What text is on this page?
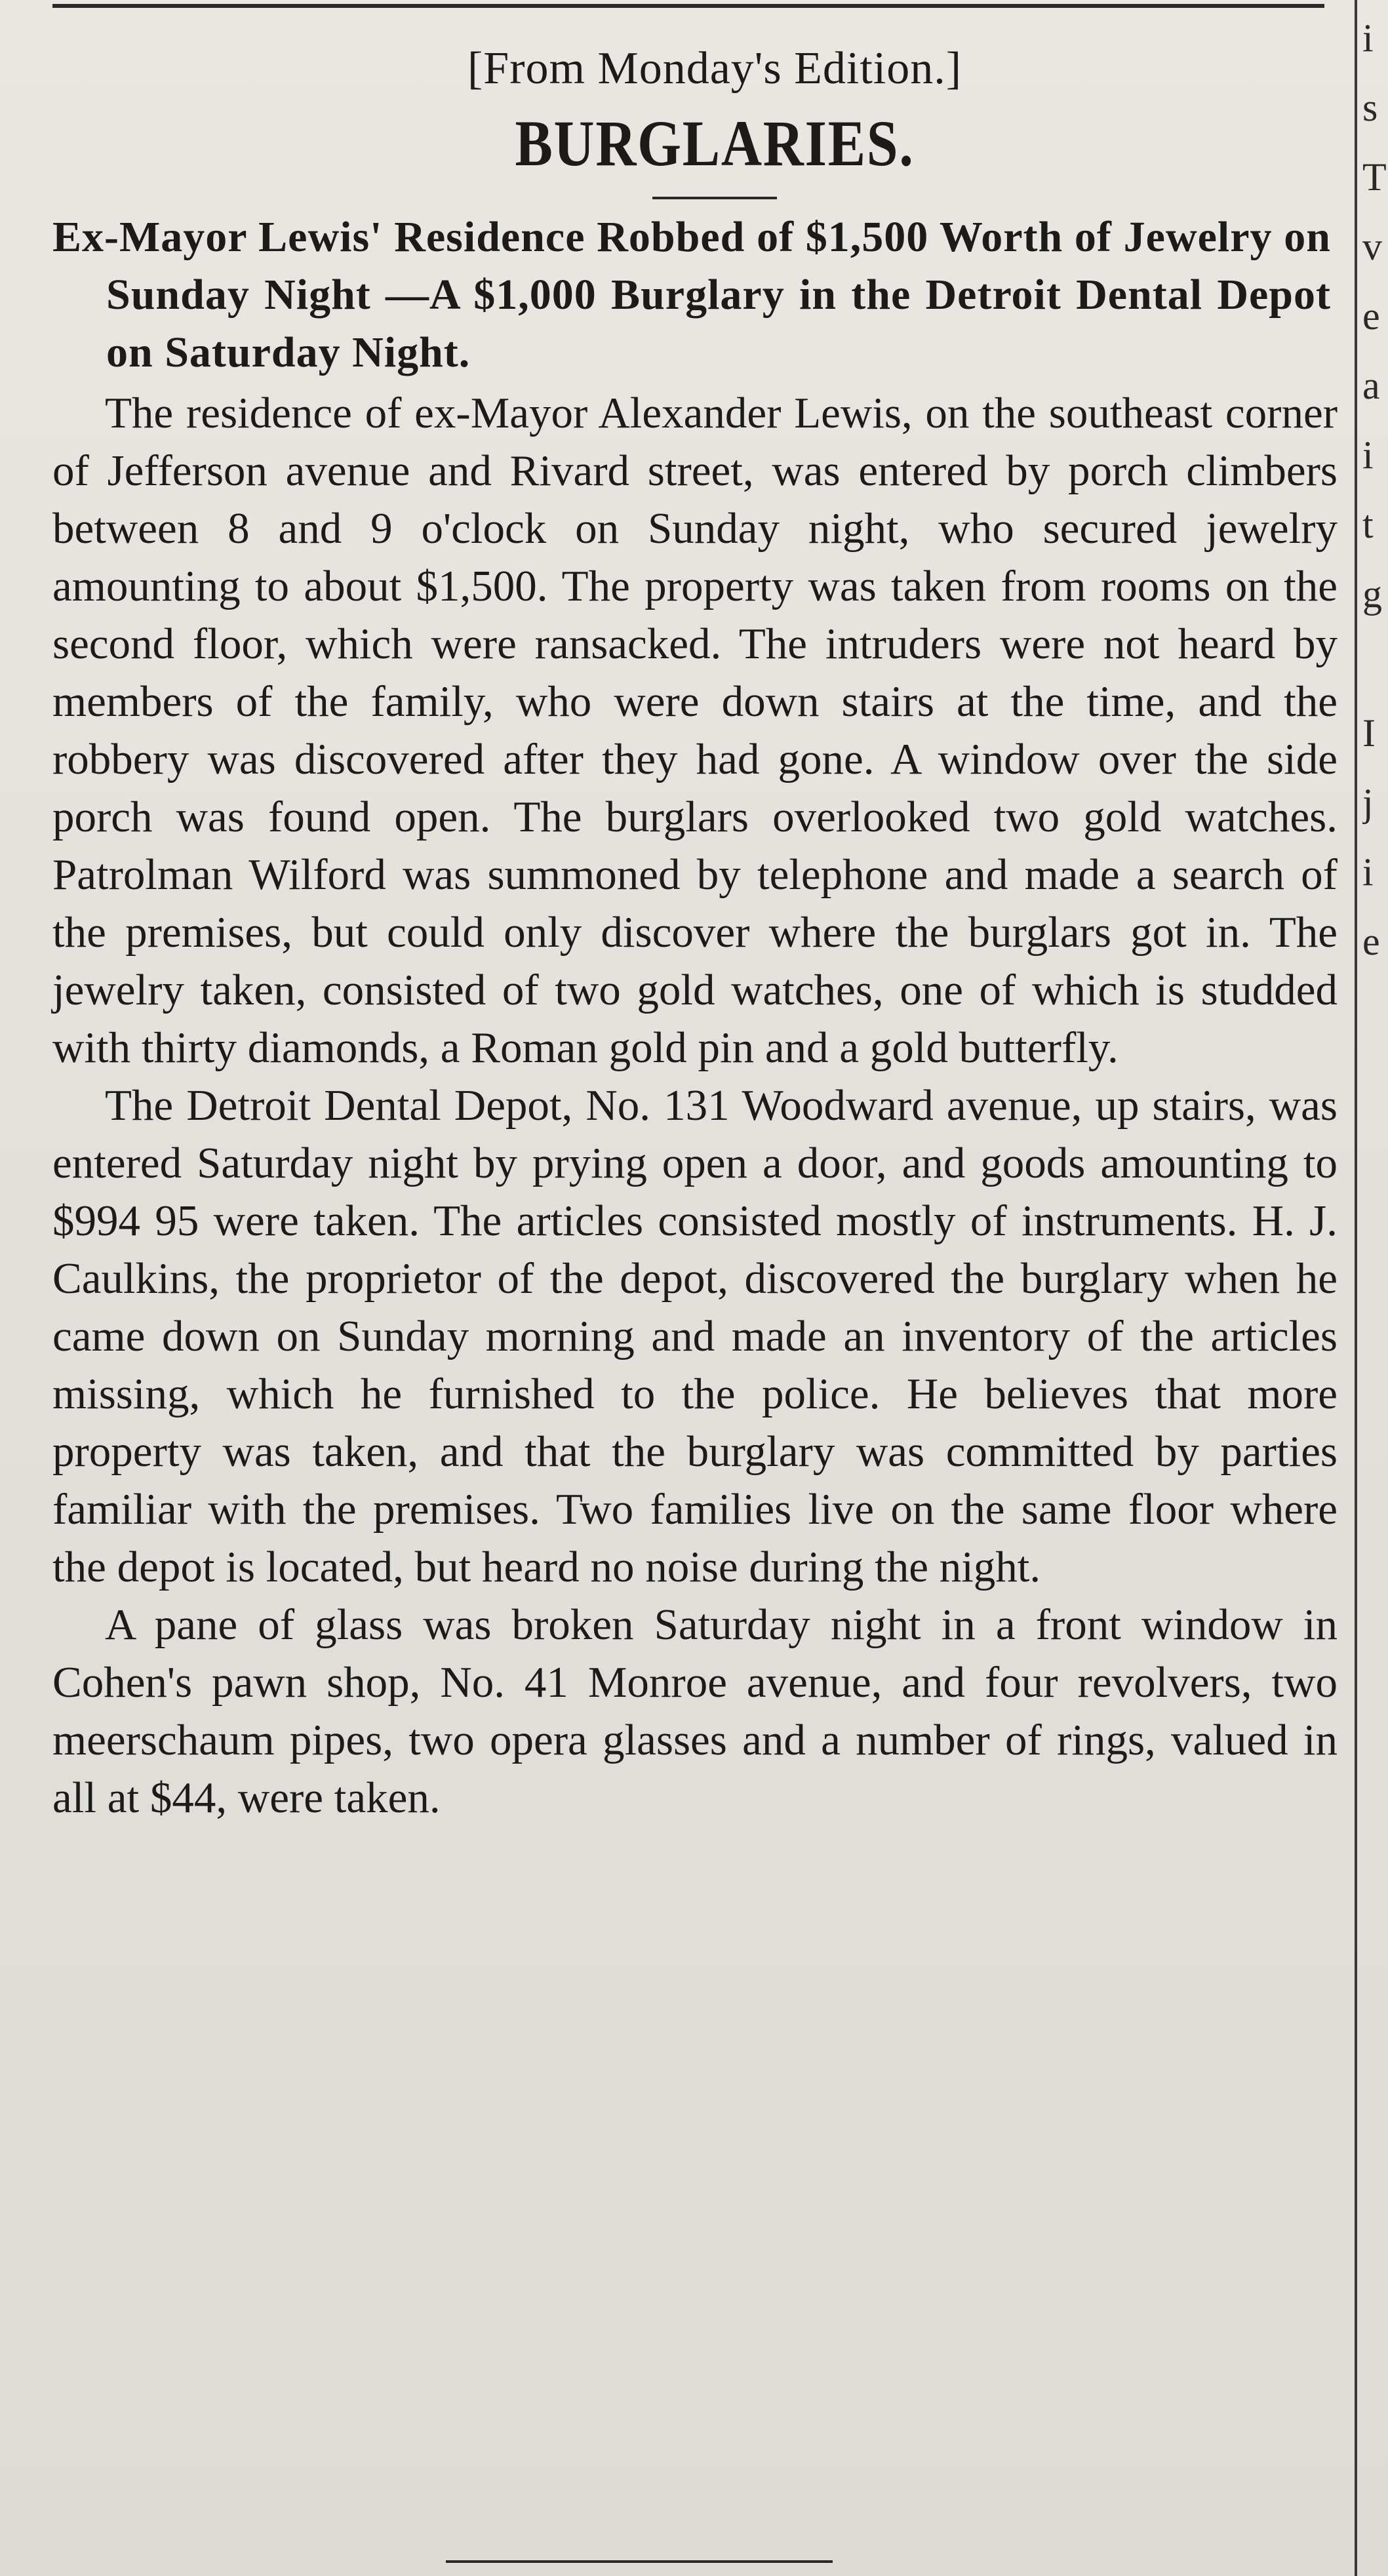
i
s
T
v
e
a
i
t
g
I
j
i
e
[From Monday's Edition.]
BURGLARIES.
Ex-Mayor Lewis' Residence Robbed of $1,500 Worth of Jewelry on Sunday Night —A $1,000 Burglary in the Detroit Dental Depot on Saturday Night.

The residence of ex-Mayor Alexander Lewis, on the southeast corner of Jefferson avenue and Rivard street, was entered by porch climbers between 8 and 9 o'clock on Sunday night, who secured jewelry amounting to about $1,500. The property was taken from rooms on the second floor, which were ransacked. The intruders were not heard by members of the family, who were down stairs at the time, and the robbery was discovered after they had gone. A window over the side porch was found open. The burglars overlooked two gold watches. Patrolman Wilford was summoned by telephone and made a search of the premises, but could only discover where the burglars got in. The jewelry taken, consisted of two gold watches, one of which is studded with thirty diamonds, a Roman gold pin and a gold butterfly.

The Detroit Dental Depot, No. 131 Woodward avenue, up stairs, was entered Saturday night by prying open a door, and goods amounting to $994 95 were taken. The articles consisted mostly of instruments. H. J. Caulkins, the proprietor of the depot, discovered the burglary when he came down on Sunday morning and made an inventory of the articles missing, which he furnished to the police. He believes that more property was taken, and that the burglary was committed by parties familiar with the premises. Two families live on the same floor where the depot is located, but heard no noise during the night.

A pane of glass was broken Saturday night in a front window in Cohen's pawn shop, No. 41 Monroe avenue, and four revolvers, two meerschaum pipes, two opera glasses and a number of rings, valued in all at $44, were taken.
